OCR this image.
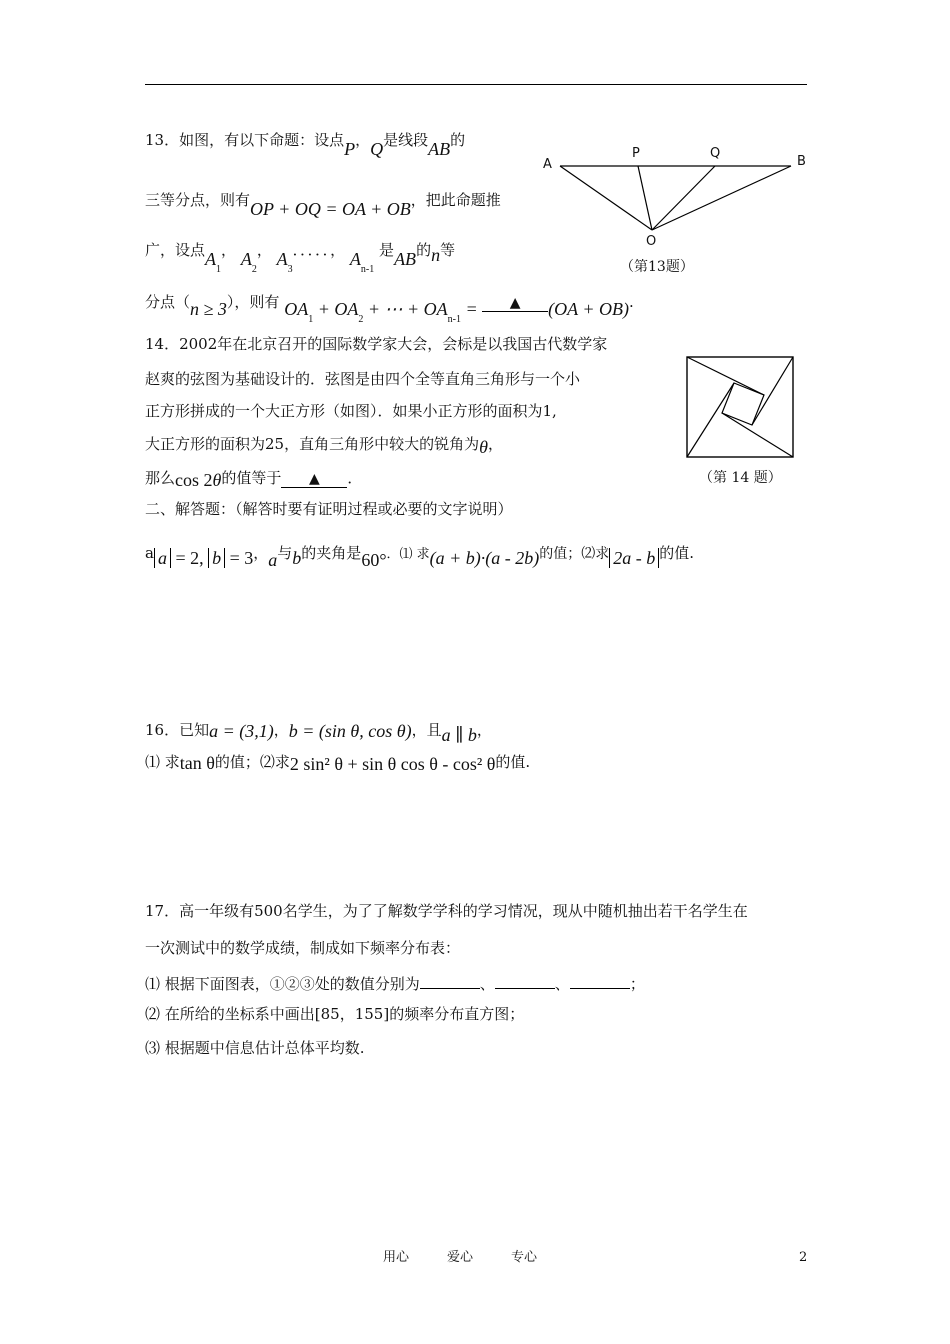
13．如图，有以下命题：设点P，Q是线段AB的
三等分点，则有OP + OQ = OA + OB，把此命题推
广，设点$A_1$， $A_2$， $A_3$．．．．．， $A_{n-1}$ 是AB的n等
分点（n ≥ 3），则有 $OA_1 + OA_2$ + ⋯ + $OA_{n-1}$ = ▲ (OA + OB).
A
P	Q
B
O
（第13题）
14．2002年在北京召开的国际数学家大会，会标是以我国古代数学家
赵爽的弦图为基础设计的．弦图是由四个全等直角三角形与一个小
正方形拼成的一个大正方形（如图）．如果小正方形的面积为1,
大正方形的面积为25，直角三角形中较大的锐角为θ，
那么cos 2θ的值等于 ▲ ．	（第 14 题）
二、解答题：（解答时要有证明过程或必要的文字说明）
a a = 2, b = 3，a与b的夹角是60°．⑴ 求(a + b)·(a - 2b)的值；⑵求 2a - b 的值.
16．已知a = (3,1)，b = (sin θ, cos θ)，且a ∥ b，
⑴ 求tan θ的值；⑵求2 sin² θ + sin θ cos θ - cos² θ的值.
17．高一年级有500名学生，为了了解数学学科的学习情况，现从中随机抽出若干名学生在
一次测试中的数学成绩，制成如下频率分布表：
⑴ 根据下面图表，①②③处的数值分别为	、	、	；
⑵ 在所给的坐标系中画出[85，155]的频率分布直方图；
⑶ 根据题中信息估计总体平均数.
用心	爱心	专心	2
